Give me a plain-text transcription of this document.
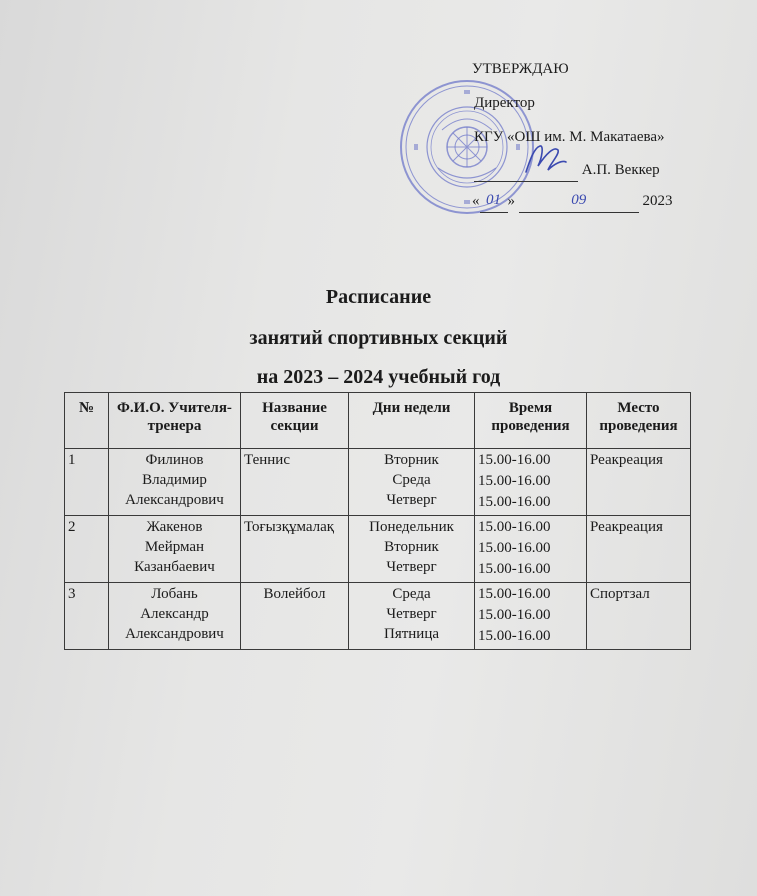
УТВЕРЖДАЮ
Директор
КГУ «ОШ им. М. Макатаева»
А.П. Веккер
« 01 »	09	2023
Расписание
занятий спортивных секций
на 2023 – 2024 учебный год
№	Ф.И.О. Учителя-тренера	Название секции	Дни недели	Время проведения	Место проведения
1	Филинов
Владимир
Александрович	Теннис	Вторник
Среда
Четверг	15.00-16.00
15.00-16.00
15.00-16.00	Реакреация
2	Жакенов
Мейрман
Казанбаевич	Тоғызқұмалақ	Понедельник
Вторник
Четверг	15.00-16.00
15.00-16.00
15.00-16.00	Реакреация
3	Лобань
Александр
Александрович	Волейбол	Среда
Четверг
Пятница	15.00-16.00
15.00-16.00
15.00-16.00	Спортзал
